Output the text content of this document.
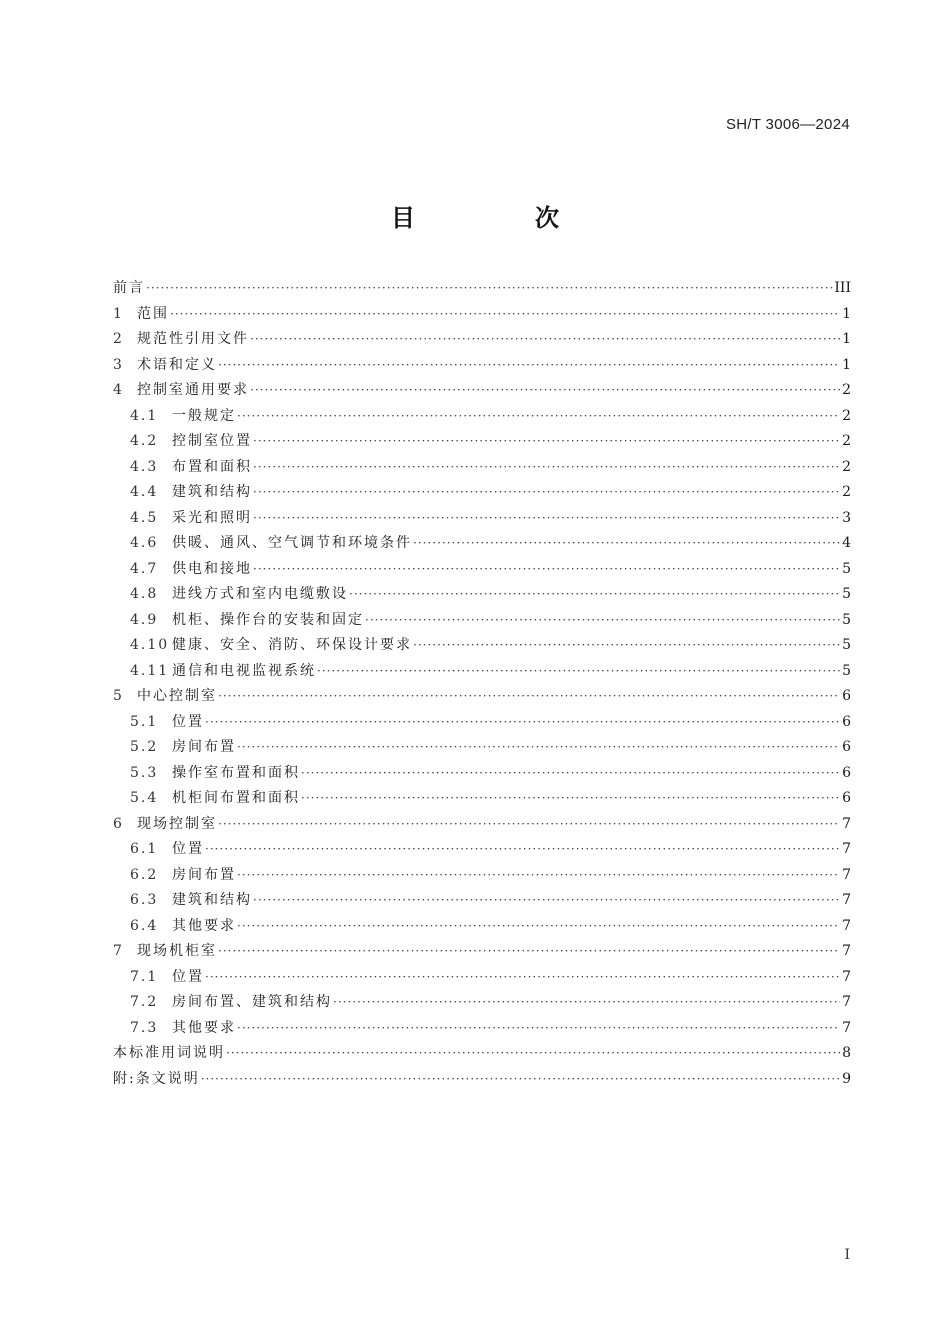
SH/T 3006—2024
目　次
前言 ·····	III
1	范围 ·····	1
2	规范性引用文件 ·····	1
3	术语和定义 ·····	1
4	控制室通用要求 ·····	2
4.1 一般规定 ·····	2
4.2 控制室位置 ·····	2
4.3 布置和面积 ·····	2
4.4 建筑和结构 ·····	2
4.5 采光和照明 ·····	3
4.6 供暖、通风、空气调节和环境条件 ·····	4
4.7 供电和接地 ·····	5
4.8 进线方式和室内电缆敷设 ·····	5
4.9 机柜、操作台的安装和固定 ·····	5
4.10 健康、安全、消防、环保设计要求 ·····	5
4.11 通信和电视监视系统 ·····	5
5	中心控制室 ·····	6
5.1 位置 ·····	6
5.2 房间布置 ·····	6
5.3 操作室布置和面积 ·····	6
5.4 机柜间布置和面积 ·····	6
6	现场控制室 ·····	7
6.1 位置 ·····	7
6.2 房间布置 ·····	7
6.3 建筑和结构 ·····	7
6.4 其他要求 ·····	7
7	现场机柜室 ·····	7
7.1 位置 ·····	7
7.2 房间布置、建筑和结构 ·····	7
7.3 其他要求 ·····	7
本标准用词说明 ·····	8
附:条文说明 ·····	9
I
